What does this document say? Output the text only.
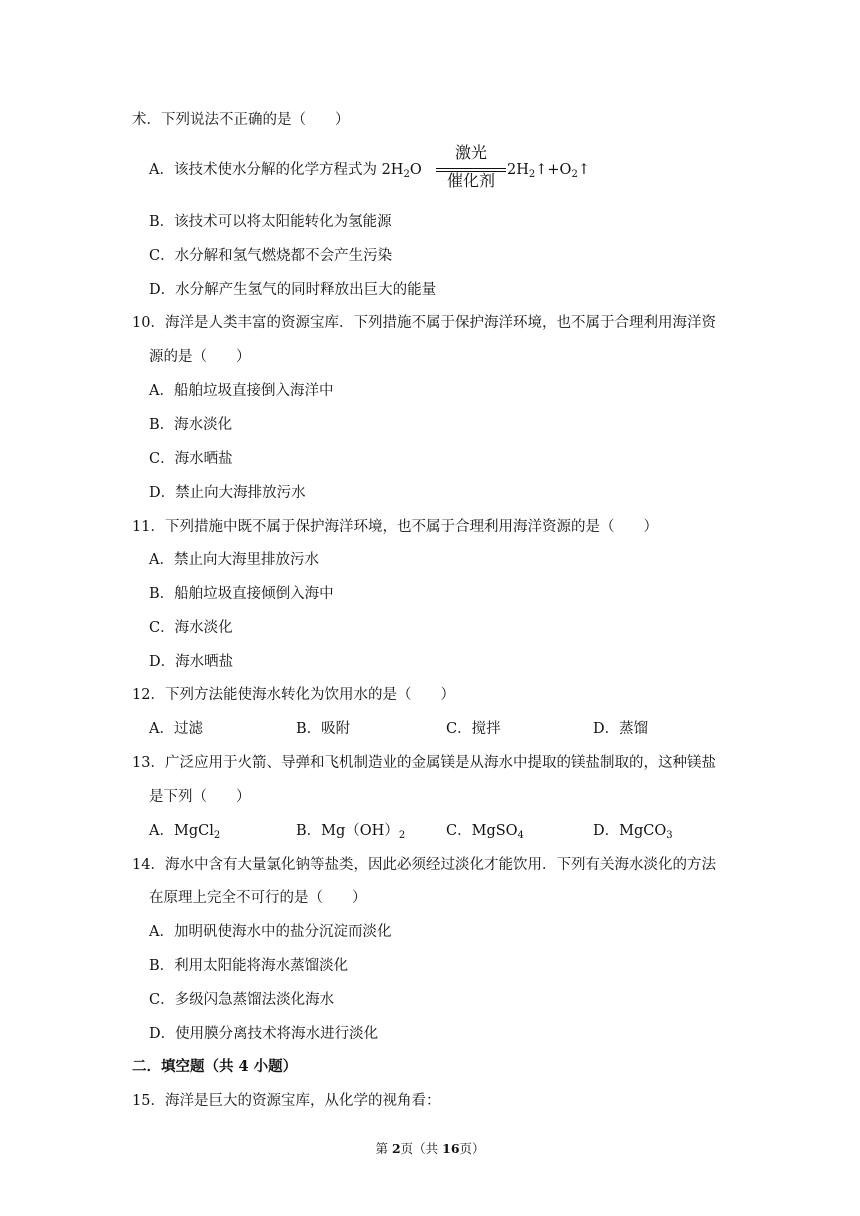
术．下列说法不正确的是（　　）
A．该技术使水分解的化学方程式为 $2H_2O$
激光
催化剂
$2H_2↑+O_2↑$
B．该技术可以将太阳能转化为氢能源
C．水分解和氢气燃烧都不会产生污染
D．水分解产生氢气的同时释放出巨大的能量
10．海洋是人类丰富的资源宝库．下列措施不属于保护海洋环境，也不属于合理利用海洋资
源的是（　　）
A．船舶垃圾直接倒入海洋中
B．海水淡化
C．海水晒盐
D．禁止向大海排放污水
11．下列措施中既不属于保护海洋环境，也不属于合理利用海洋资源的是（　　）
A．禁止向大海里排放污水
B．船舶垃圾直接倾倒入海中
C．海水淡化
D．海水晒盐
12．下列方法能使海水转化为饮用水的是（　　）
A．过滤	B．吸附	C．搅拌	D．蒸馏
13．广泛应用于火箭、导弹和飞机制造业的金属镁是从海水中提取的镁盐制取的，这种镁盐
是下列（　　）
A．MgCl$_2$	B．$Mg(OH)_2$	C．MgSO$_4$	D．MgCO$_3$
14．海水中含有大量氯化钠等盐类，因此必须经过淡化才能饮用．下列有关海水淡化的方法
在原理上完全不可行的是（　　）
A．加明矾使海水中的盐分沉淀而淡化
B．利用太阳能将海水蒸馏淡化
C．多级闪急蒸馏法淡化海水
D．使用膜分离技术将海水进行淡化
二．填空题（共 4 小题）
15．海洋是巨大的资源宝库，从化学的视角看：
第 2页（共 16页）
